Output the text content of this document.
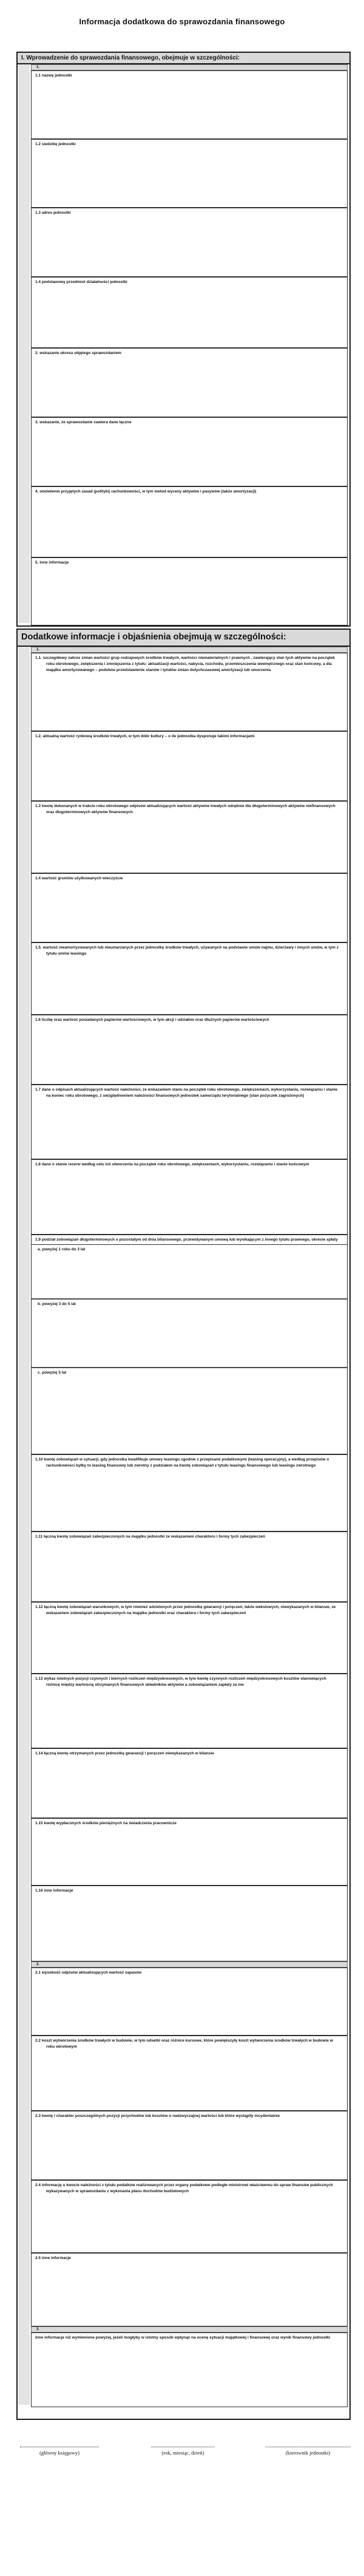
Informacja dodatkowa do sprawozdania finansowego
I. Wprowadzenie do sprawozdania finansowego, obejmuje w szczególności:
1.
1.1 nazwę jednostki
1.2 siedzibę jednostki
1.3 adres jednostki
1.4 podstawowy przedmiot działalności jednostki
2. wskazanie okresu objętego sprawozdaniem
3. wskazanie, że sprawozdanie zawiera dane łączne
4. omówienie przyjętych zasad (polityki) rachunkowości, w tym metod wyceny aktywów i pasywów (także amortyzacji)
5. inne informacje
Dodatkowe informacje i objaśnienia obejmują w szczególności:
1.
1.1. szczegółowy zakres zmian wartości grup rodzajowych środków trwałych, wartości niematerialnych i prawnych , zawierający stan tych aktywów na początek roku obrotowego, zwiększenia i zmniejszenia z tytułu: aktualizacji wartości, nabycia, rozchodu, przemieszczenia wewnętrznego oraz stan końcowy, a dla majątku amortyzowanego – podobne przedstawienie stanów i tytułów zmian dotychczasowej amortyzacji lub umorzenia
1.2. aktualną wartość rynkową środków trwałych, w tym dóbr kultury – o ile jednostka dysponuje takimi informacjami
1.3 kwotę dokonanych w trakcie roku obrotowego odpisów aktualizujących wartość aktywów trwałych odrębnie dla długoterminowych aktywów niefinansowych oraz długoterminowych aktywów finansowych
1.4 wartość gruntów użytkowanych wieczyście
1.5. wartość nieamortyzowanych lub nieumarzanych przez jednostkę środków trwałych, używanych na podstawie umów najmu, dzierżawy i innych umów, w tym z tytułu umów leasingu
1.6 liczbę oraz wartość posiadanych papierów wartościowych, w tym akcji i udziałów oraz dłużnych papierów wartościowych
1.7 dane o odpisach aktualizujących wartość należności, ze wskazaniem stanu na początek roku obrotowego, zwiększeniach, wykorzystaniu, rozwiązaniu i stanie na koniec roku obrotowego, z uwzględnieniem należności finansowych jednostek samorządu terytorialnego (stan pożyczek zagrożonych)
1.8 dane o stanie rezerw według celu ich utworzenia na początek roku obrotowego, zwiększeniach, wykorzystaniu, rozwiązaniu i stanie końcowym
1.9 podział zobowiązań długoterminowych o pozostałym od dnia bilansowego, przewidywanym umową lub wynikającym z innego tytułu prawnego, okresie spłaty
a. powyżej 1 roku do 3 lat
b. powyżej 3 do 5 lat
c. powyżej 5 lat
1.10 kwotę zobowiązań w sytuacji, gdy jednostka kwalifikuje umowy leasingu zgodnie z przepisami podatkowymi (leasing operacyjny), a według przepisów o rachunkowości byłby to leasing finansowy lub zwrotny z podziałem na kwotę zobowiązań z tytułu leasingu finansowego lub leasingu zwrotnego
1.11 łączną kwotę zobowiązań zabezpieczonych na majątku jednostki ze wskazaniem charakteru i formy tych zabezpieczeń
1.12 łączną kwotę zobowiązań warunkowych, w tym również udzielonych przez jednostkę gwarancji i poręczeń, także wekslowych, niewykazanych w bilansie, ze wskazaniem zobowiązań zabezpieczonych na majątku jednostki oraz charakteru i formy tych zabezpieczeń
1.13 wykaz istotnych pozycji czynnych i biernych rozliczeń międzyokresowych, w tym kwotę czynnych rozliczeń międzyokresowych kosztów stanowiących różnicę między wartością otrzymanych finansowych składników aktywów a zobowiązaniem zapłaty za nie
1.14 łączną kwotę otrzymanych przez jednostkę gwarancji i poręczeń niewykazanych w bilansie
1.15 kwotę wypłaconych środków pieniężnych na świadczenia pracownicze
1.16 inne informacje
2.
2.1 wysokość odpisów aktualizujących wartość zapasów
2.2 koszt wytworzenia środków trwałych w budowie, w tym odsetki oraz różnice kursowe, które powiększyły koszt wytworzenia środków trwałych w budowie w roku obrotowym
2.3 kwotę i charakter poszczególnych pozycji przychodów lub kosztów o nadzwyczajnej wartości lub które wystąpiły incydentalnie
2.4 informację o kwocie należności z tytułu podatków realizowanych przez organy podatkowe podległe ministrowi właściwemu do spraw finansów publicznych wykazywanych w sprawozdaniu z wykonania planu dochodów budżetowych
2.5 inne informacje
3.
inne informacje niż wymienione powyżej, jeżeli mogłyby w istotny sposób wpłynąć na ocenę sytuacji majątkowej i finansowej oraz wynik finansowy jednostki
(główny księgowy)	(rok, miesiąc, dzień)	(kierownik jednostki)
